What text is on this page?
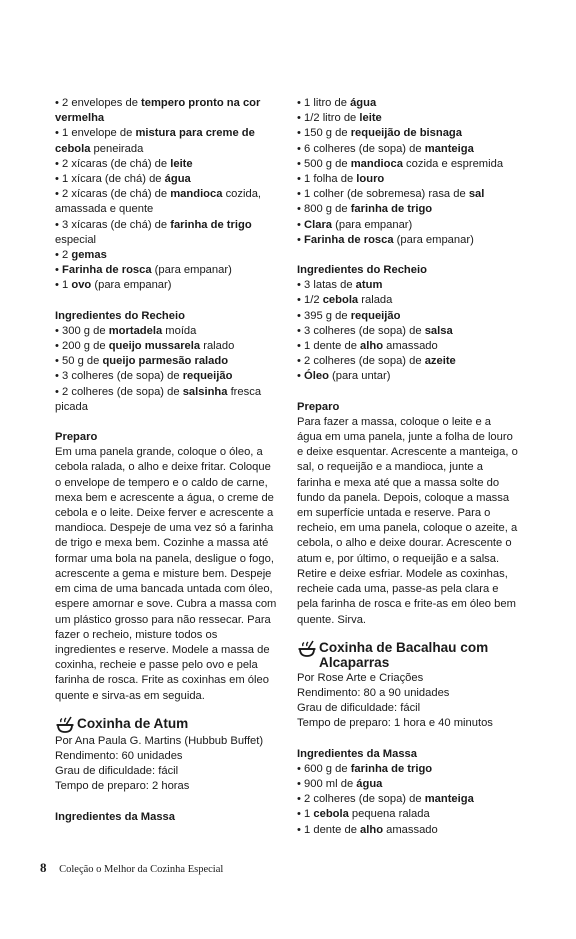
• 2 envelopes de tempero pronto na cor vermelha
• 1 envelope de mistura para creme de cebola peneirada
• 2 xícaras (de chá) de leite
• 1 xícara (de chá) de água
• 2 xícaras (de chá) de mandioca cozida, amassada e quente
• 3 xícaras (de chá) de farinha de trigo especial
• 2 gemas
• Farinha de rosca (para empanar)
• 1 ovo (para empanar)

Ingredientes do Recheio

• 300 g de mortadela moída
• 200 g de queijo mussarela ralado
• 50 g de queijo parmesão ralado
• 3 colheres (de sopa) de requeijão
• 2 colheres (de sopa) de salsinha fresca picada

Preparo

Em uma panela grande, coloque o óleo, a cebola ralada, o alho e deixe fritar. Coloque o envelope de tempero e o caldo de carne, mexa bem e acrescente a água, o creme de cebola e o leite. Deixe ferver e acrescente a mandioca. Despeje de uma vez só a farinha de trigo e mexa bem. Cozinhe a massa até formar uma bola na panela, desligue o fogo, acrescente a gema e misture bem. Despeje em cima de uma bancada untada com óleo, espere amornar e sove. Cubra a massa com um plástico grosso para não ressecar. Para fazer o recheio, misture todos os ingredientes e reserve. Modele a massa de coxinha, recheie e passe pelo ovo e pela farinha de rosca. Frite as coxinhas em óleo quente e sirva-as em seguida.

Coxinha de Atum

Por Ana Paula G. Martins (Hubbub Buffet)

Rendimento: 60 unidades

Grau de dificuldade: fácil

Tempo de preparo: 2 horas

Ingredientes da Massa

• 1 litro de água
• 1/2 litro de leite
• 150 g de requeijão de bisnaga
• 6 colheres (de sopa) de manteiga
• 500 g de mandioca cozida e espremida
• 1 folha de louro
• 1 colher (de sobremesa) rasa de sal
• 800 g de farinha de trigo
• Clara (para empanar)
• Farinha de rosca (para empanar)

Ingredientes do Recheio

• 3 latas de atum
• 1/2 cebola ralada
• 395 g de requeijão
• 3 colheres (de sopa) de salsa
• 1 dente de alho amassado
• 2 colheres (de sopa) de azeite
• Óleo (para untar)

Preparo

Para fazer a massa, coloque o leite e a água em uma panela, junte a folha de louro e deixe esquentar. Acrescente a manteiga, o sal, o requeijão e a mandioca, junte a farinha e mexa até que a massa solte do fundo da panela. Depois, coloque a massa em superfície untada e reserve. Para o recheio, em uma panela, coloque o azeite, a cebola, o alho e deixe dourar. Acrescente o atum e, por último, o requeijão e a salsa. Retire e deixe esfriar. Modele as coxinhas, recheie cada uma, passe-as pela clara e pela farinha de rosca e frite-as em óleo bem quente. Sirva.

Coxinha de Bacalhau com Alcaparras

Por Rose Arte e Criações

Rendimento: 80 a 90 unidades

Grau de dificuldade: fácil

Tempo de preparo: 1 hora e 40 minutos

Ingredientes da Massa

• 600 g de farinha de trigo
• 900 ml de água
• 2 colheres (de sopa) de manteiga
• 1 cebola pequena ralada
• 1 dente de alho amassado
8 Coleção o Melhor da Cozinha Especial
